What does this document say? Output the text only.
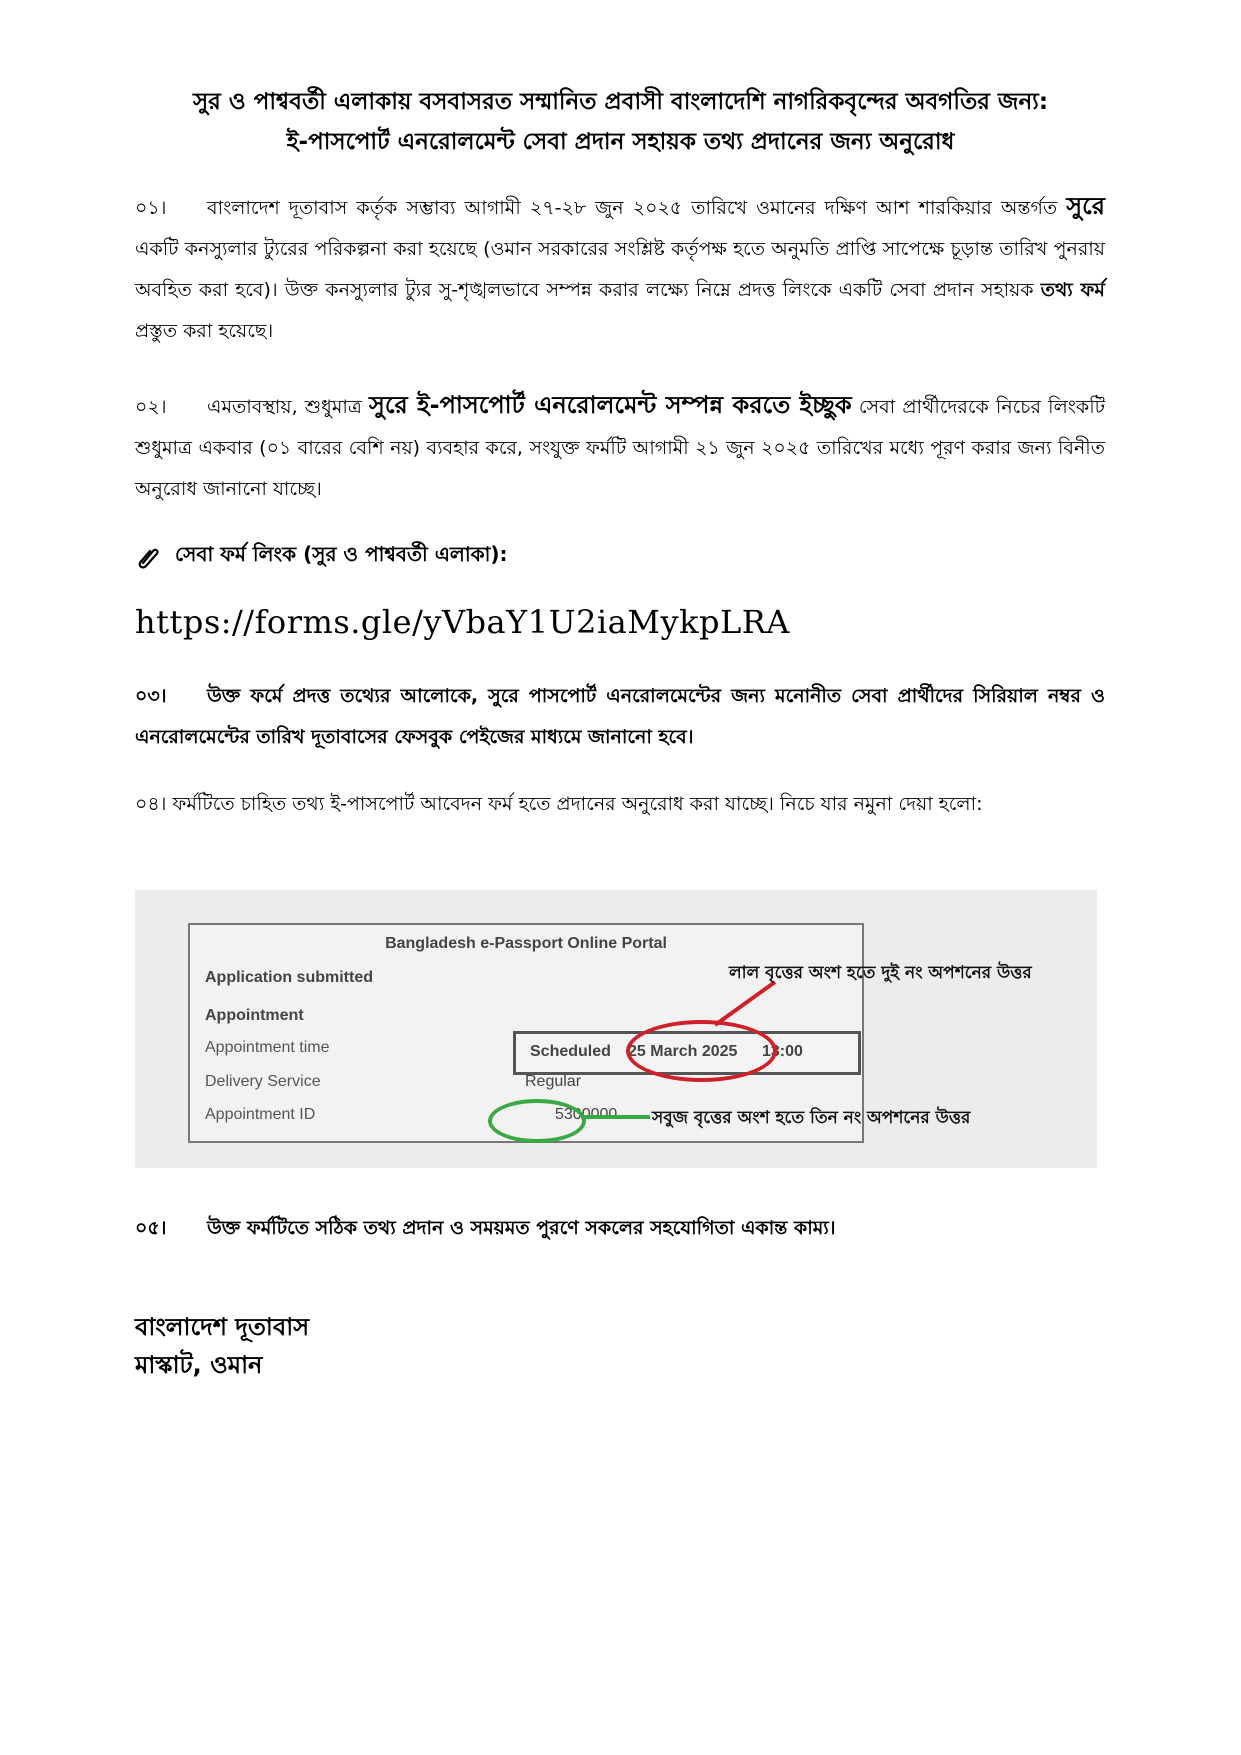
সুর ও পাশ্ববর্তী এলাকায় বসবাসরত সম্মানিত প্রবাসী বাংলাদেশি নাগরিকবৃন্দের অবগতির জন্য:
ই-পাসপোর্ট এনরোলমেন্ট সেবা প্রদান সহায়ক তথ্য প্রদানের জন্য অনুরোধ
০১। বাংলাদেশ দূতাবাস কর্তৃক সম্ভাব্য আগামী ২৭-২৮ জুন ২০২৫ তারিখে ওমানের দক্ষিণ আশ শারকিয়ার অন্তর্গত সুরে একটি কনস্যুলার ট্যুরের পরিকল্পনা করা হয়েছে (ওমান সরকারের সংশ্লিষ্ট কর্তৃপক্ষ হতে অনুমতি প্রাপ্তি সাপেক্ষে চূড়ান্ত তারিখ পুনরায় অবহিত করা হবে)। উক্ত কনস্যুলার ট্যুর সু-শৃঙ্খলভাবে সম্পন্ন করার লক্ষ্যে নিম্নে প্রদত্ত লিংকে একটি সেবা প্রদান সহায়ক তথ্য ফর্ম প্রস্তুত করা হয়েছে।
০২। এমতাবস্থায়, শুধুমাত্র সুরে ই-পাসপোর্ট এনরোলমেন্ট সম্পন্ন করতে ইচ্ছুক সেবা প্রার্থীদেরকে নিচের লিংকটি শুধুমাত্র একবার (০১ বারের বেশি নয়) ব্যবহার করে, সংযুক্ত ফর্মটি আগামী ২১ জুন ২০২৫ তারিখের মধ্যে পূরণ করার জন্য বিনীত অনুরোধ জানানো যাচ্ছে।
সেবা ফর্ম লিংক (সুর ও পাশ্ববর্তী এলাকা):
https://forms.gle/yVbaY1U2iaMykpLRA
০৩। উক্ত ফর্মে প্রদত্ত তথ্যের আলোকে, সুরে পাসপোর্ট এনরোলমেন্টের জন্য মনোনীত সেবা প্রার্থীদের সিরিয়াল নম্বর ও এনরোলমেন্টের তারিখ দূতাবাসের ফেসবুক পেইজের মাধ্যমে জানানো হবে।
০৪। ফর্মটিতে চাহিত তথ্য ই-পাসপোর্ট আবেদন ফর্ম হতে প্রদানের অনুরোধ করা যাচ্ছে। নিচে যার নমুনা দেয়া হলো:
Bangladesh e-Passport Online Portal
Application submitted
Appointment
Appointment time
Delivery Service
Appointment ID
Scheduled 25 March 2025 13:00
Regular
5300000
লাল বৃত্তের অংশ হতে দুই নং অপশনের উত্তর
সবুজ বৃত্তের অংশ হতে তিন নং অপশনের উত্তর
০৫। উক্ত ফর্মটিতে সঠিক তথ্য প্রদান ও সময়মত পুরণে সকলের সহযোগিতা একান্ত কাম্য।
বাংলাদেশ দূতাবাস
মাস্কাট, ওমান
